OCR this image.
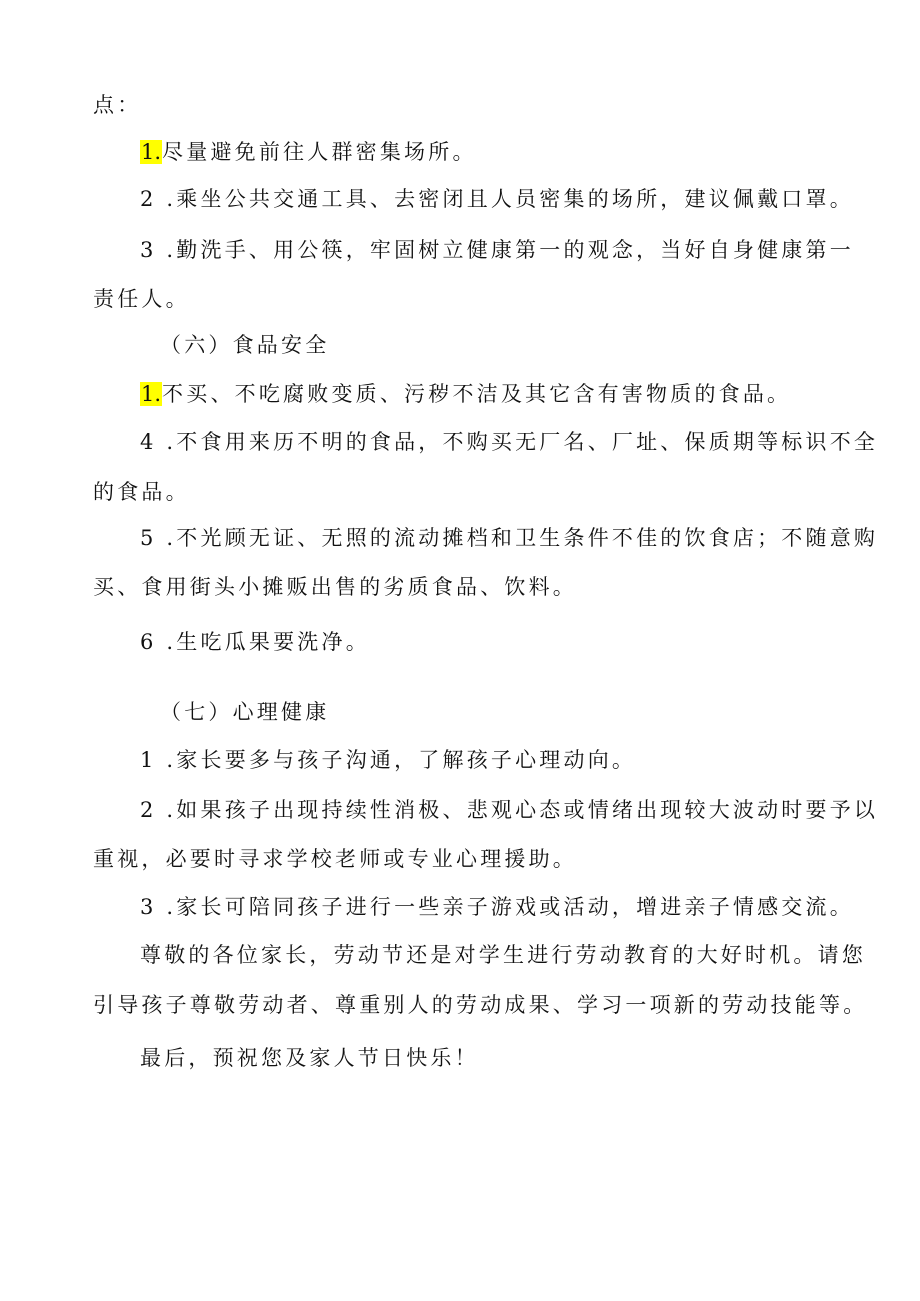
点：
1.尽量避免前往人群密集场所。
2 .乘坐公共交通工具、去密闭且人员密集的场所，建议佩戴口罩。
3 .勤洗手、用公筷，牢固树立健康第一的观念，当好自身健康第一
责任人。
（六）食品安全
1.不买、不吃腐败变质、污秽不洁及其它含有害物质的食品。
4 .不食用来历不明的食品，不购买无厂名、厂址、保质期等标识不全
的食品。
5 .不光顾无证、无照的流动摊档和卫生条件不佳的饮食店；不随意购
买、食用街头小摊贩出售的劣质食品、饮料。
6 .生吃瓜果要洗净。
（七）心理健康
1 .家长要多与孩子沟通，了解孩子心理动向。
2 .如果孩子出现持续性消极、悲观心态或情绪出现较大波动时要予以
重视，必要时寻求学校老师或专业心理援助。
3 .家长可陪同孩子进行一些亲子游戏或活动，增进亲子情感交流。
尊敬的各位家长，劳动节还是对学生进行劳动教育的大好时机。请您
引导孩子尊敬劳动者、尊重别人的劳动成果、学习一项新的劳动技能等。
最后，预祝您及家人节日快乐！
